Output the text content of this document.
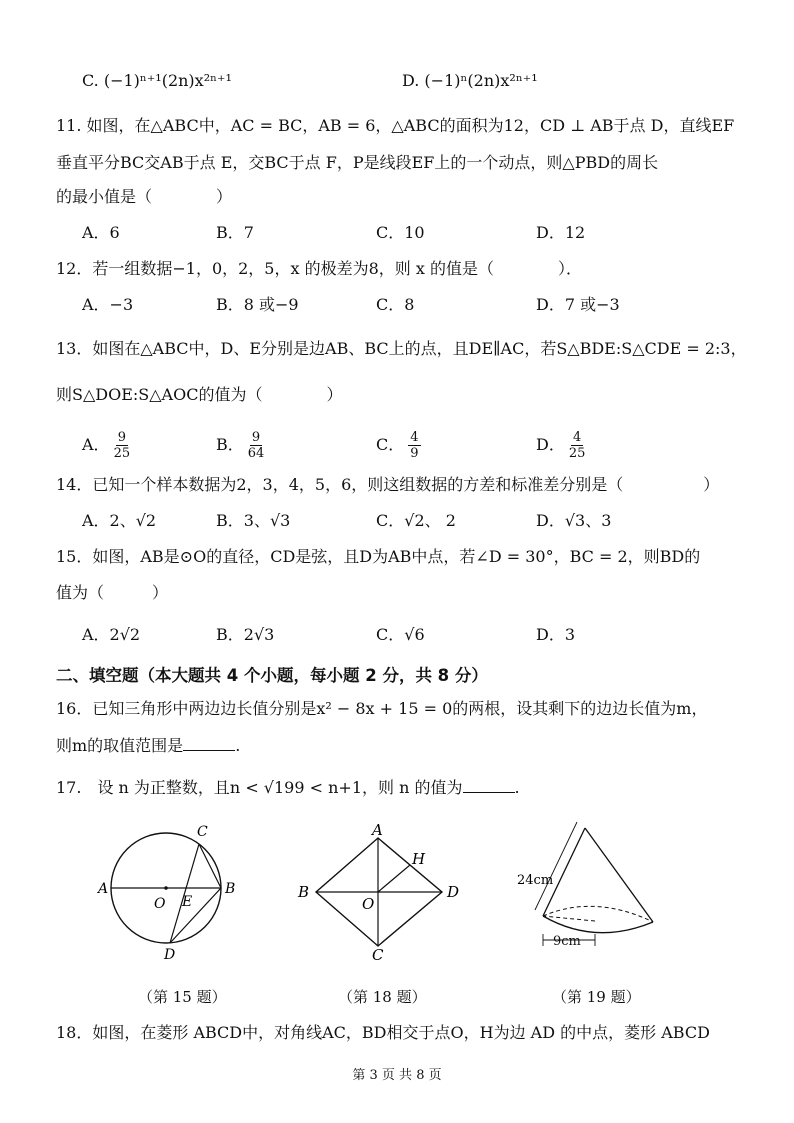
C. (−1)ⁿ⁺¹(2n)x²ⁿ⁺¹	D. (−1)ⁿ(2n)x²ⁿ⁺¹
11. 如图，在△ABC中，AC = BC，AB = 6，△ABC的面积为12，CD ⊥ AB于点 D，直线EF
垂直平分BC交AB于点 E，交BC于点 F，P是线段EF上的一个动点，则△PBD的周长
的最小值是（　　　　）
A．6	B．7	C．10	D．12
12．若一组数据−1，0，2，5，x 的极差为8，则 x 的值是（　　　　）．
A．−3	B．8 或−9	C．8	D．7 或−3
13．如图在△ABC中，D、E分别是边AB、BC上的点，且DE∥AC，若S△BDE:S△CDE = 2:3，
则S△DOE:S△AOC的值为（　　　　）
A． $\frac{9}{25}$	B． $\frac{9}{64}$	C． $\frac{4}{9}$	D． $\frac{4}{25}$
14．已知一个样本数据为2，3，4，5，6，则这组数据的方差和标准差分别是（　　　　　）
A．2、√2	B．3、√3	C．√2、 2	D．√3、3
15．如图，AB是⊙O的直径，CD是弦，且D为AB中点，若∠D = 30°，BC = 2，则BD的
值为（　　　）
A．2√2	B．2√3	C．√6	D．3
二、填空题（本大题共 4 个小题，每小题 2 分，共 8 分）
16．已知三角形中两边边长值分别是x² − 8x + 15 = 0的两根，设其剩下的边边长值为m，
则m的取值范围是	.
17.　设 n 为正整数，且n < √199 < n+1，则 n 的值为	.
A	B
C
D
O E
A
B
C
D
O
H
24cm
9cm
（第 15 题）	（第 18 题）	（第 19 题）
18．如图，在菱形 ABCD中，对角线AC，BD相交于点O，H为边 AD 的中点，菱形 ABCD
第 3 页 共 8 页
